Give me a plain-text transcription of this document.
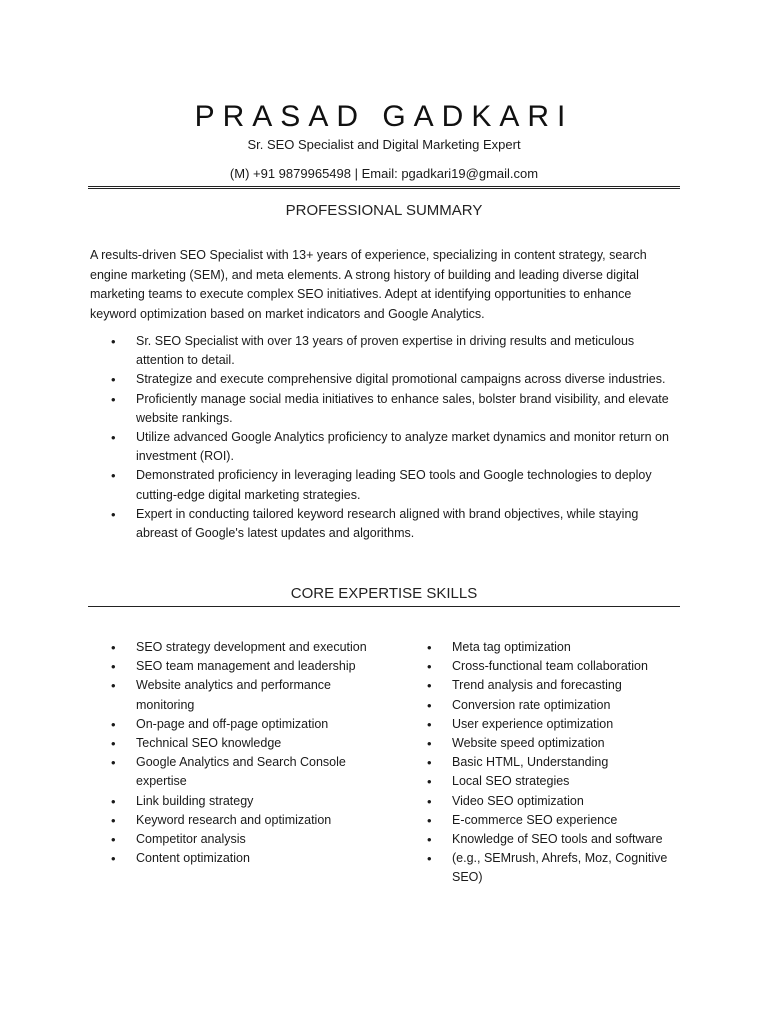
PRASAD GADKARI
Sr. SEO Specialist and Digital Marketing Expert
(M) +91 9879965498 | Email: pgadkari19@gmail.com
PROFESSIONAL SUMMARY

A results-driven SEO Specialist with 13+ years of experience, specializing in content strategy, search engine marketing (SEM), and meta elements. A strong history of building and leading diverse digital marketing teams to execute complex SEO initiatives. Adept at identifying opportunities to enhance keyword optimization based on market indicators and Google Analytics.

• Sr. SEO Specialist with over 13 years of proven expertise in driving results and meticulous attention to detail.
• Strategize and execute comprehensive digital promotional campaigns across diverse industries.
• Proficiently manage social media initiatives to enhance sales, bolster brand visibility, and elevate website rankings.
• Utilize advanced Google Analytics proficiency to analyze market dynamics and monitor return on investment (ROI).
• Demonstrated proficiency in leveraging leading SEO tools and Google technologies to deploy cutting-edge digital marketing strategies.
• Expert in conducting tailored keyword research aligned with brand objectives, while staying abreast of Google's latest updates and algorithms.
CORE EXPERTISE SKILLS
• SEO strategy development and execution
• SEO team management and leadership
• Website analytics and performance monitoring
• On-page and off-page optimization
• Technical SEO knowledge
• Google Analytics and Search Console expertise
• Link building strategy
• Keyword research and optimization
• Competitor analysis
• Content optimization
• Meta tag optimization
• Cross-functional team collaboration
• Trend analysis and forecasting
• Conversion rate optimization
• User experience optimization
• Website speed optimization
• Basic HTML, Understanding
• Local SEO strategies
• Video SEO optimization
• E-commerce SEO experience
• Knowledge of SEO tools and software
• (e.g., SEMrush, Ahrefs, Moz, Cognitive SEO)
